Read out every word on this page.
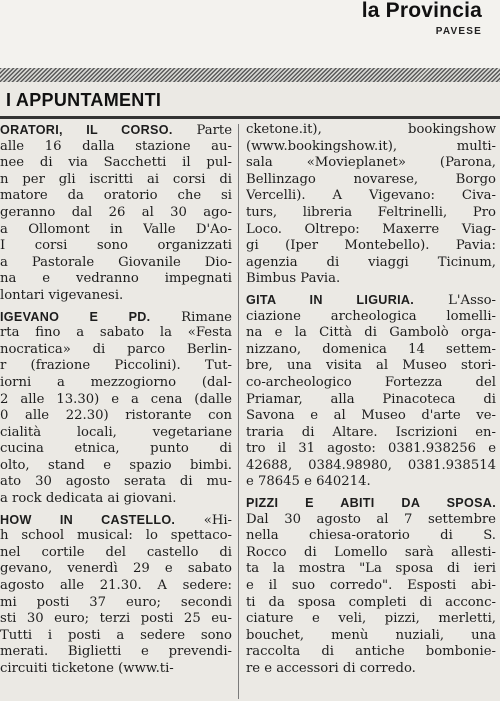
la Provincia
PAVESE
I APPUNTAMENTI
ORATORI, IL CORSO. Parte
alle 16 dalla stazione au-
nee di via Sacchetti il pul-
n per gli iscritti ai corsi di
matore da oratorio che si
geranno dal 26 al 30 ago-
a Ollomont in Valle D'Ao-
I corsi sono organizzati
a Pastorale Giovanile Dio-
na e vedranno impegnati
lontari vigevanesi.
IGEVANO E PD. Rimane
rta fino a sabato la «Festa
nocratica» di parco Berlin-
r (frazione Piccolini). Tut-
iorni a mezzogiorno (dal-
2 alle 13.30) e a cena (dalle
0 alle 22.30) ristorante con
cialità locali, vegetariane
cucina etnica, punto di
olto, stand e spazio bimbi.
ato 30 agosto serata di mu-
a rock dedicata ai giovani.
HOW IN CASTELLO. «Hi-
h school musical: lo spettaco-
nel cortile del castello di
gevano, venerdì 29 e sabato
agosto alle 21.30. A sedere:
mi posti 37 euro; secondi
sti 30 euro; terzi posti 25 eu-
Tutti i posti a sedere sono
merati. Biglietti e prevendi-
circuiti ticketone (www.ti-
cketone.it), bookingshow
(www.bookingshow.it), multi-
sala «Movieplanet» (Parona,
Bellinzago novarese, Borgo
Vercelli). A Vigevano: Civa-
turs, libreria Feltrinelli, Pro
Loco. Oltrepo: Maxerre Viag-
gi (Iper Montebello). Pavia:
agenzia di viaggi Ticinum,
Bimbus Pavia.
GITA IN LIGURIA. L'Asso-
ciazione archeologica lomelli-
na e la Città di Gambolò orga-
nizzano, domenica 14 settem-
bre, una visita al Museo stori-
co-archeologico Fortezza del
Priamar, alla Pinacoteca di
Savona e al Museo d'arte ve-
traria di Altare. Iscrizioni en-
tro il 31 agosto: 0381.938256 e
42688, 0384.98980, 0381.938514
e 78645 e 640214.
PIZZI E ABITI DA SPOSA.
Dal 30 agosto al 7 settembre
nella chiesa-oratorio di S.
Rocco di Lomello sarà allesti-
ta la mostra "La sposa di ieri
e il suo corredo". Esposti abi-
ti da sposa completi di acconc-
ciature e veli, pizzi, merletti,
bouchet, menù nuziali, una
raccolta di antiche bombonie-
re e accessori di corredo.
